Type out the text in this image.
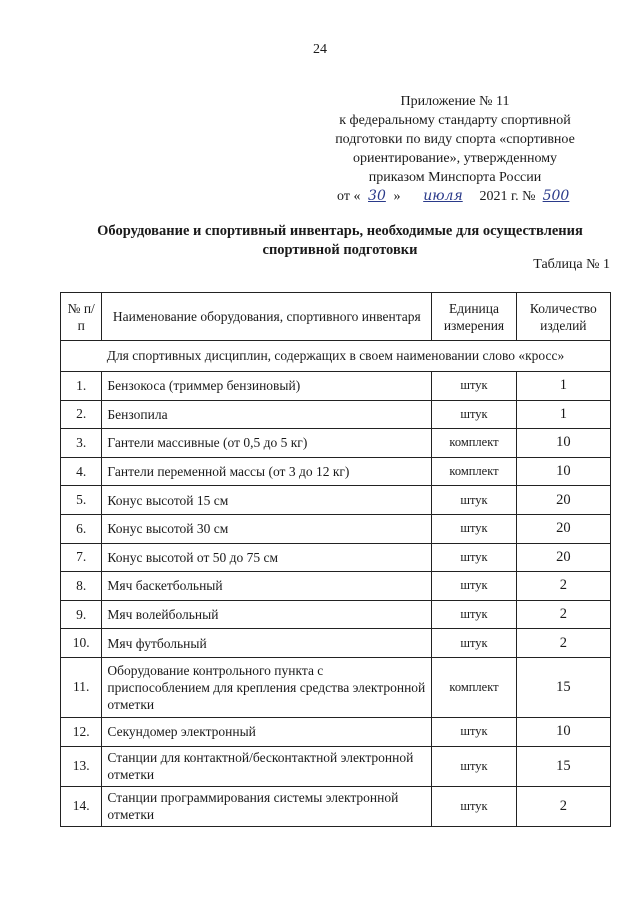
24
Приложение № 11
к федеральному стандарту спортивной
подготовки по виду спорта «спортивное
ориентирование», утвержденному
приказом Минспорта России
от « 30 » июля 2021 г. № 500
Оборудование и спортивный инвентарь, необходимые для осуществления
спортивной подготовки
Таблица № 1
№ п/п	Наименование оборудования, спортивного инвентаря	Единица измерения	Количество изделий
Для спортивных дисциплин, содержащих в своем наименовании слово «кросс»			
1.	Бензокоса (триммер бензиновый)	штук	1
2.	Бензопила	штук	1
3.	Гантели массивные (от 0,5 до 5 кг)	комплект	10
4.	Гантели переменной массы (от 3 до 12 кг)	комплект	10
5.	Конус высотой 15 см	штук	20
6.	Конус высотой 30 см	штук	20
7.	Конус высотой от 50 до 75 см	штук	20
8.	Мяч баскетбольный	штук	2
9.	Мяч волейбольный	штук	2
10.	Мяч футбольный	штук	2
11.	Оборудование контрольного пункта с приспособлением для крепления средства электронной отметки	комплект	15
12.	Секундомер электронный	штук	10
13.	Станции для контактной/бесконтактной электронной отметки	штук	15
14.	Станции программирования системы электронной отметки	штук	2
